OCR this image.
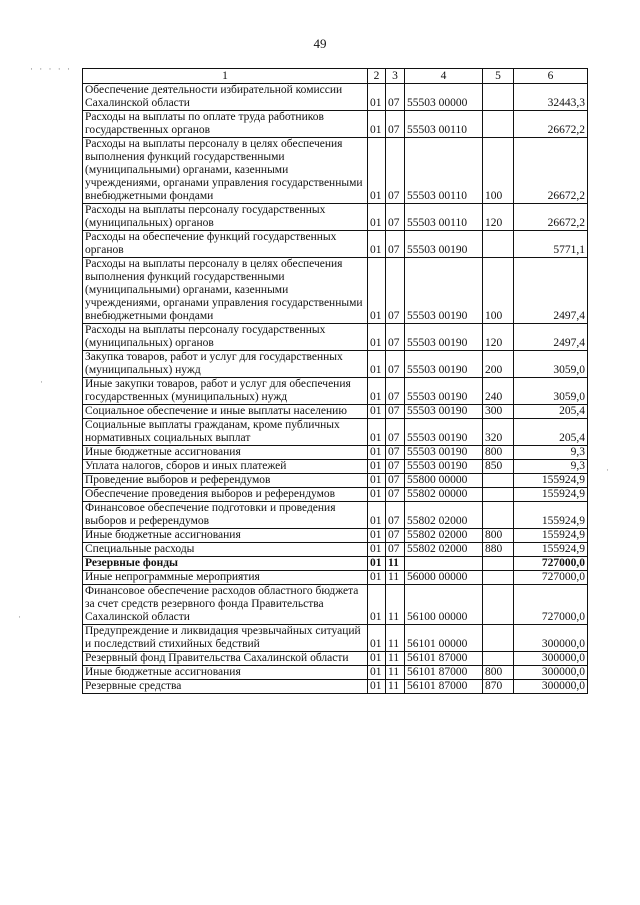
49
· · · · ·
·
·
·
1	2	3	4	5	6
Обеспечение деятельности избирательной комиссии Сахалинской области	01	07	55503 00000		32443,3
Расходы на выплаты по оплате труда работников государственных органов	01	07	55503 00110		26672,2
Расходы на выплаты персоналу в целях обеспечения выполнения функций государственными (муниципальными) органами, казенными учреждениями, органами управления государственными внебюджетными фондами	01	07	55503 00110	100	26672,2
Расходы на выплаты персоналу государственных (муниципальных) органов	01	07	55503 00110	120	26672,2
Расходы на обеспечение функций государственных органов	01	07	55503 00190		5771,1
Расходы на выплаты персоналу в целях обеспечения выполнения функций государственными (муниципальными) органами, казенными учреждениями, органами управления государственными внебюджетными фондами	01	07	55503 00190	100	2497,4
Расходы на выплаты персоналу государственных (муниципальных) органов	01	07	55503 00190	120	2497,4
Закупка товаров, работ и услуг для государственных (муниципальных) нужд	01	07	55503 00190	200	3059,0
Иные закупки товаров, работ и услуг для обеспечения государственных (муниципальных) нужд	01	07	55503 00190	240	3059,0
Социальное обеспечение и иные выплаты населению	01	07	55503 00190	300	205,4
Социальные выплаты гражданам, кроме публичных нормативных социальных выплат	01	07	55503 00190	320	205,4
Иные бюджетные ассигнования	01	07	55503 00190	800	9,3
Уплата налогов, сборов и иных платежей	01	07	55503 00190	850	9,3
Проведение выборов и референдумов	01	07	55800 00000		155924,9
Обеспечение проведения выборов и референдумов	01	07	55802 00000		155924,9
Финансовое обеспечение подготовки и проведения выборов и референдумов	01	07	55802 02000		155924,9
Иные бюджетные ассигнования	01	07	55802 02000	800	155924,9
Специальные расходы	01	07	55802 02000	880	155924,9
Резервные фонды	01	11			727000,0
Иные непрограммные мероприятия	01	11	56000 00000		727000,0
Финансовое обеспечение расходов областного бюджета за счет средств резервного фонда Правительства Сахалинской области	01	11	56100 00000		727000,0
Предупреждение и ликвидация чрезвычайных ситуаций и последствий стихийных бедствий	01	11	56101 00000		300000,0
Резервный фонд Правительства Сахалинской области	01	11	56101 87000		300000,0
Иные бюджетные ассигнования	01	11	56101 87000	800	300000,0
Резервные средства	01	11	56101 87000	870	300000,0
